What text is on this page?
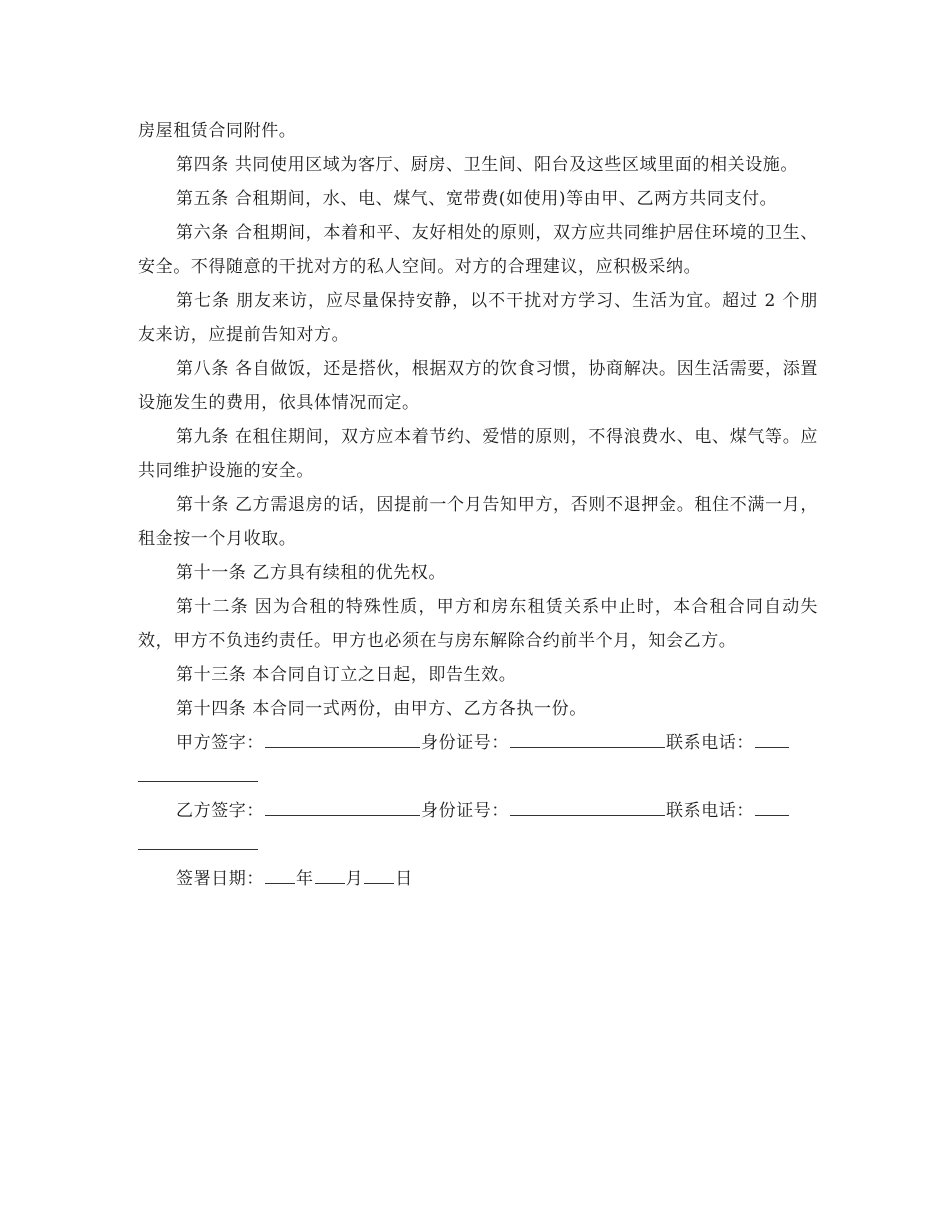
房屋租赁合同附件。

第四条 共同使用区域为客厅、厨房、卫生间、阳台及这些区域里面的相关设施。

第五条 合租期间，水、电、煤气、宽带费(如使用)等由甲、乙两方共同支付。

第六条 合租期间，本着和平、友好相处的原则，双方应共同维护居住环境的卫生、安全。不得随意的干扰对方的私人空间。对方的合理建议，应积极采纳。

第七条 朋友来访，应尽量保持安静，以不干扰对方学习、生活为宜。超过 2 个朋友来访，应提前告知对方。

第八条 各自做饭，还是搭伙，根据双方的饮食习惯，协商解决。因生活需要，添置设施发生的费用，依具体情况而定。

第九条 在租住期间，双方应本着节约、爱惜的原则，不得浪费水、电、煤气等。应共同维护设施的安全。

第十条 乙方需退房的话，因提前一个月告知甲方，否则不退押金。租住不满一月，租金按一个月收取。

第十一条 乙方具有续租的优先权。

第十二条 因为合租的特殊性质，甲方和房东租赁关系中止时，本合租合同自动失效，甲方不负违约责任。甲方也必须在与房东解除合约前半个月，知会乙方。

第十三条 本合同自订立之日起，即告生效。

第十四条 本合同一式两份，由甲方、乙方各执一份。

甲方签字：	身份证号：	联系电话：

乙方签字：	身份证号：	联系电话：

签署日期： 年 月 日
